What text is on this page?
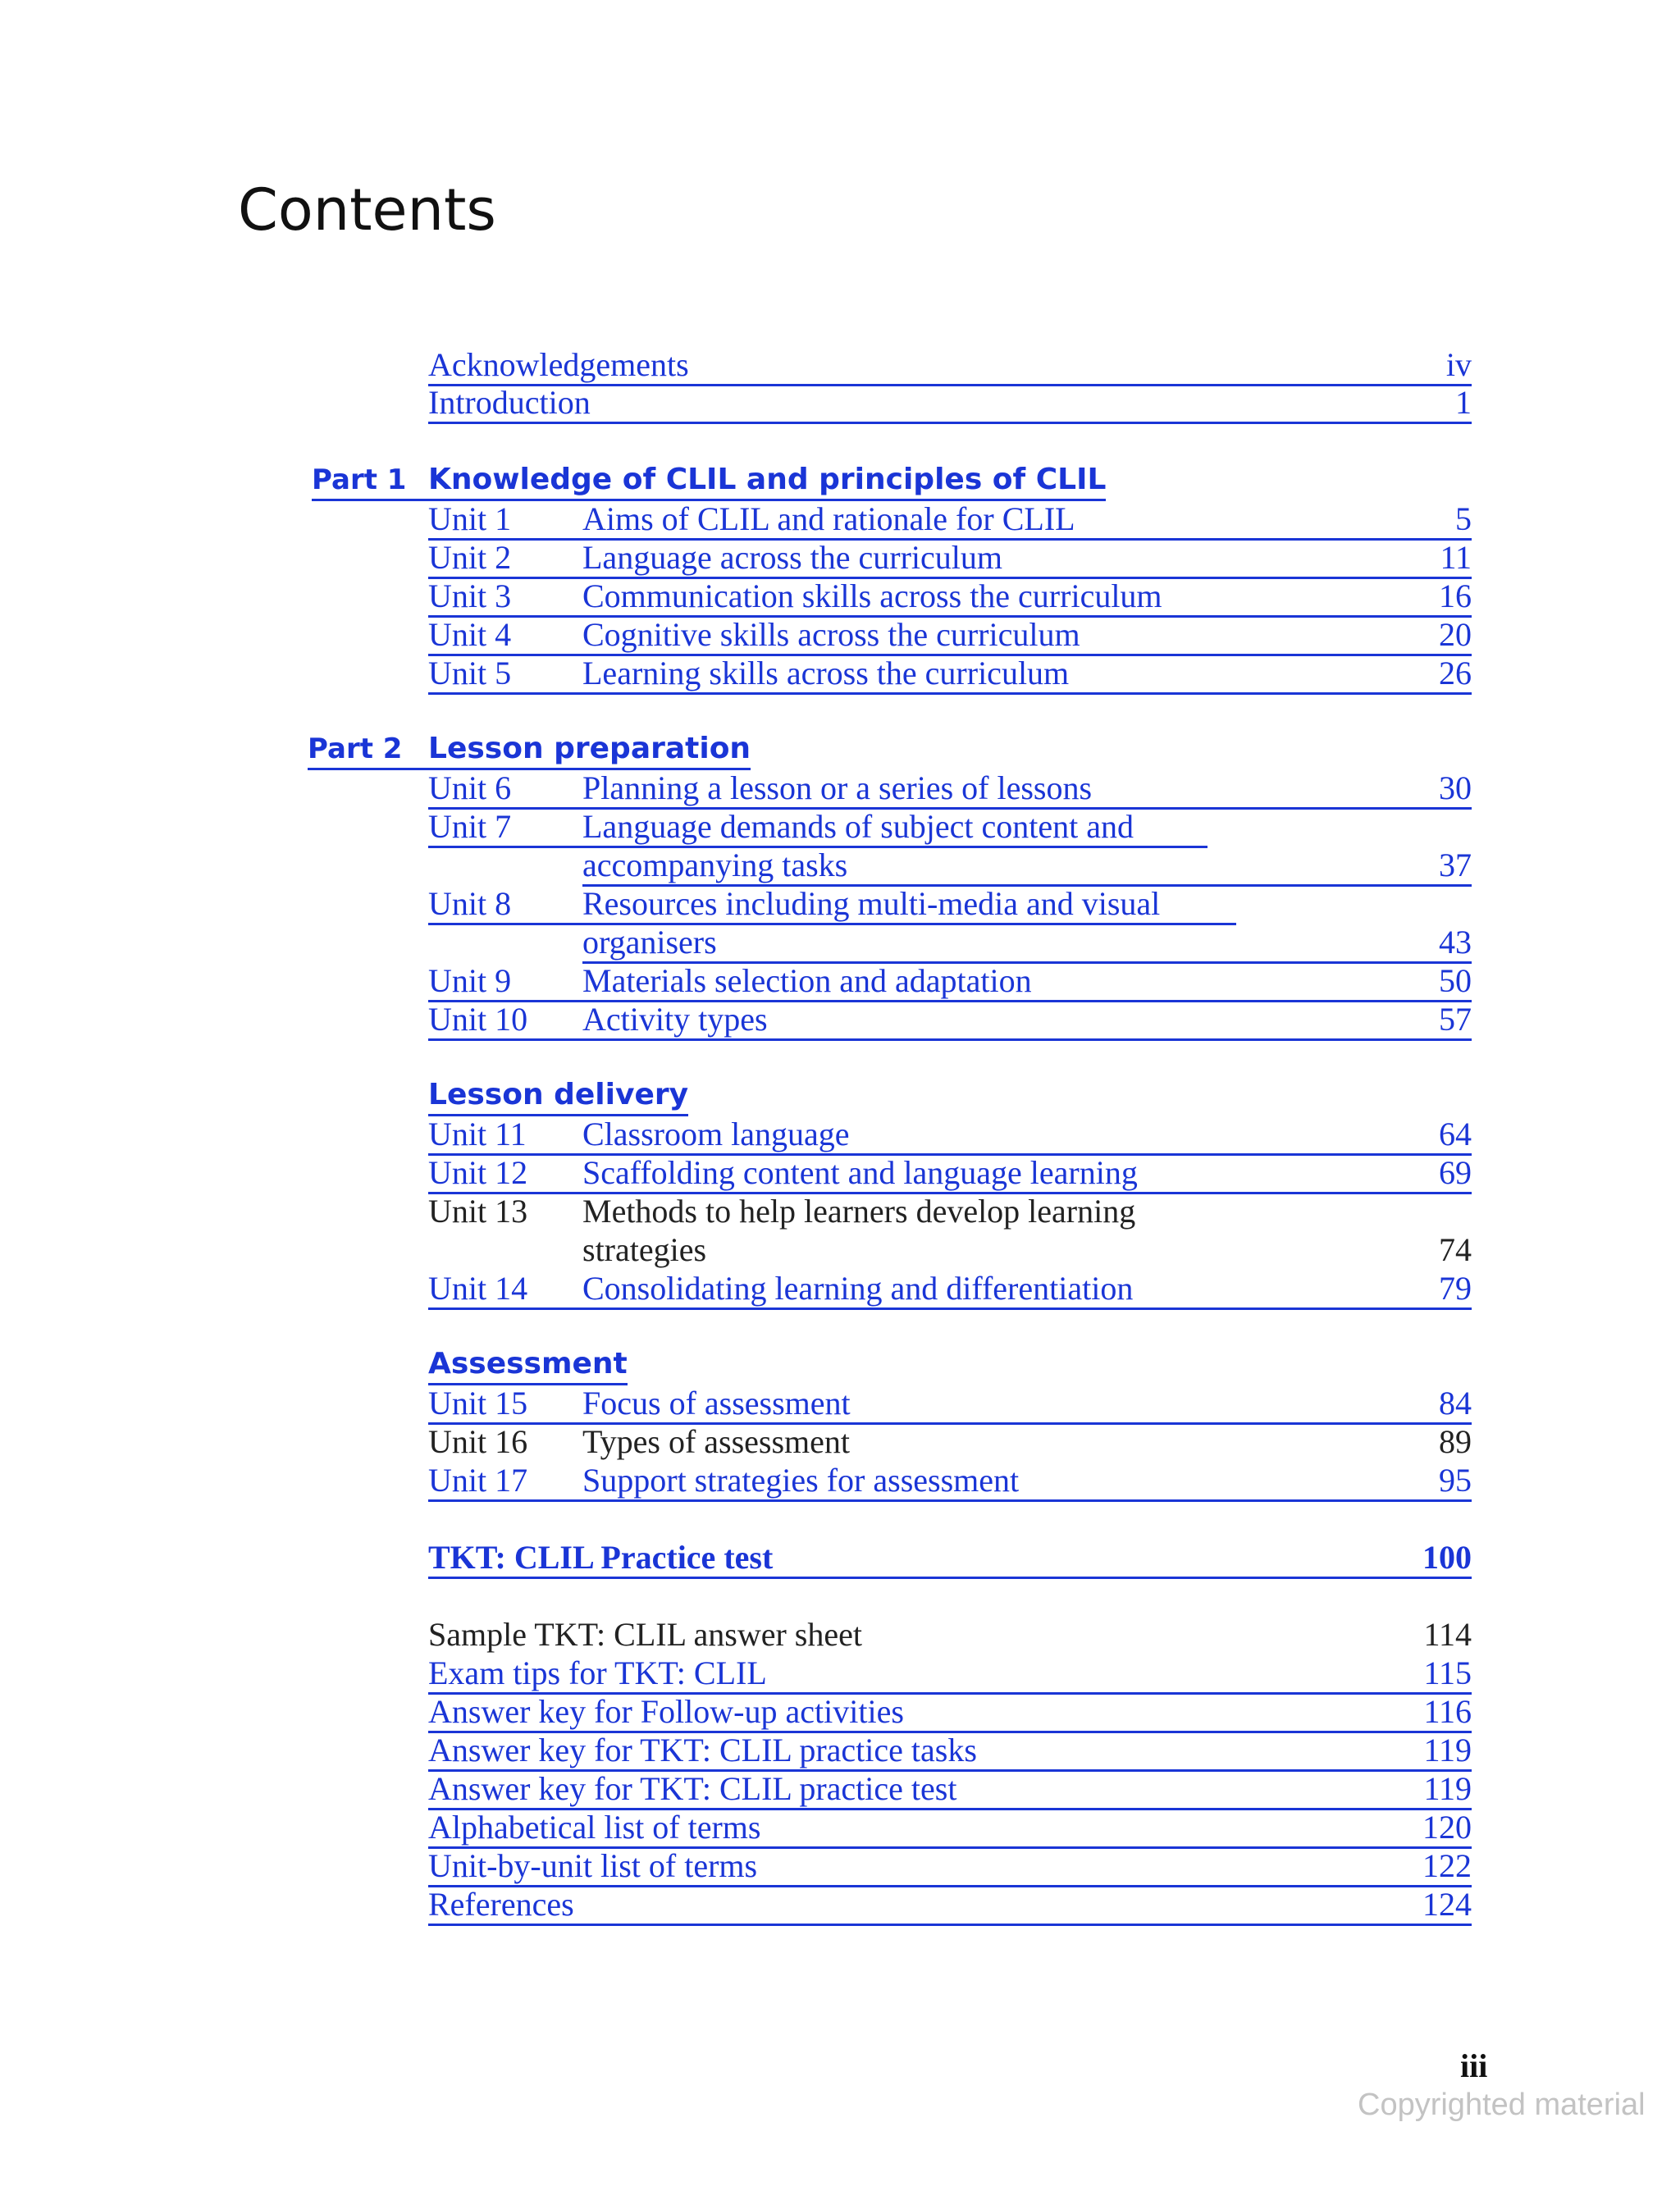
Contents
Acknowledgements	iv
Introduction	1
Part 1 Knowledge of CLIL and principles of CLIL
Unit 1 Aims of CLIL and rationale for CLIL	5
Unit 2 Language across the curriculum	11
Unit 3 Communication skills across the curriculum	16
Unit 4 Cognitive skills across the curriculum	20
Unit 5 Learning skills across the curriculum	26
Part 2 Lesson preparation
Unit 6 Planning a lesson or a series of lessons	30
Unit 7 Language demands of subject content and
accompanying tasks	37
Unit 8 Resources including multi-media and visual
organisers	43
Unit 9 Materials selection and adaptation	50
Unit 10 Activity types	57
Lesson delivery
Unit 11 Classroom language	64
Unit 12 Scaffolding content and language learning	69
Unit 13 Methods to help learners develop learning
strategies	74
Unit 14 Consolidating learning and differentiation	79
Assessment
Unit 15 Focus of assessment	84
Unit 16 Types of assessment	89
Unit 17 Support strategies for assessment	95
TKT: CLIL Practice test	100
Sample TKT: CLIL answer sheet	114
Exam tips for TKT: CLIL	115
Answer key for Follow-up activities	116
Answer key for TKT: CLIL practice tasks	119
Answer key for TKT: CLIL practice test	119
Alphabetical list of terms	120
Unit-by-unit list of terms	122
References	124
iii
Copyrighted material
